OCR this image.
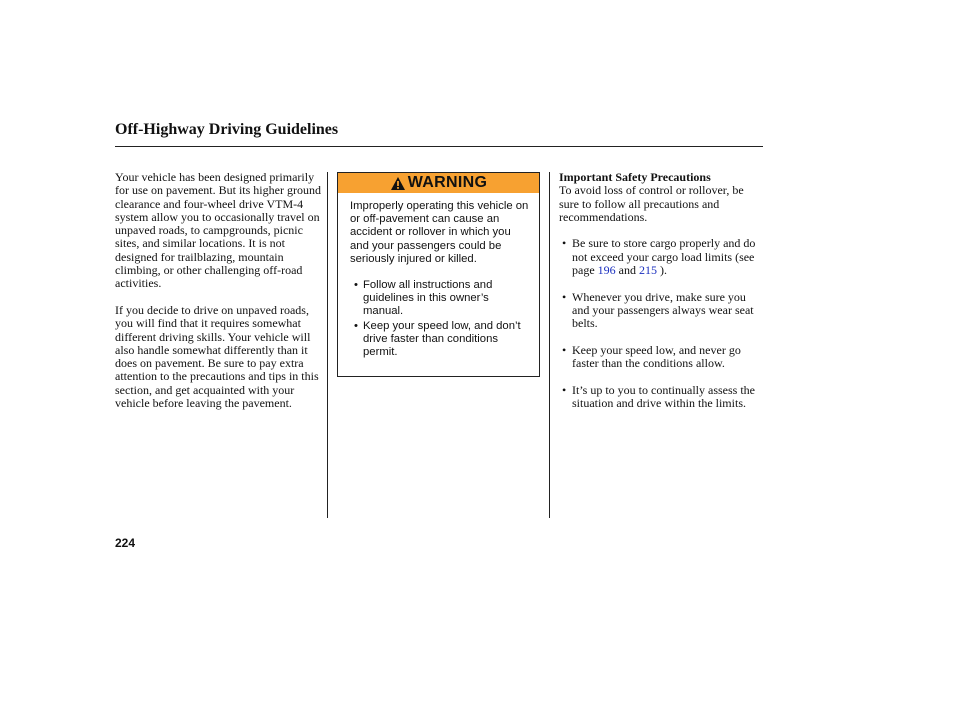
Off-Highway Driving Guidelines

Your vehicle has been designed primarily for use on pavement. But its higher ground clearance and four-wheel drive VTM-4 system allow you to occasionally travel on unpaved roads, to campgrounds, picnic sites, and similar locations. It is not designed for trailblazing, mountain climbing, or other challenging off-road activities.

If you decide to drive on unpaved roads, you will find that it requires somewhat different driving skills. Your vehicle will also handle somewhat differently than it does on pavement. Be sure to pay extra attention to the precautions and tips in this section, and get acquainted with your vehicle before leaving the pavement.

WARNING

Improperly operating this vehicle on or off-pavement can cause an accident or rollover in which you and your passengers could be seriously injured or killed.

• Follow all instructions and guidelines in this owner’s manual.
• Keep your speed low, and don’t drive faster than conditions permit.
Important Safety Precautions
To avoid loss of control or rollover, be sure to follow all precautions and recommendations.
• Be sure to store cargo properly and do not exceed your cargo load limits (see page 196 and 215 ).
• Whenever you drive, make sure you and your passengers always wear seat belts.
• Keep your speed low, and never go faster than the conditions allow.
• It’s up to you to continually assess the situation and drive within the limits.
224
